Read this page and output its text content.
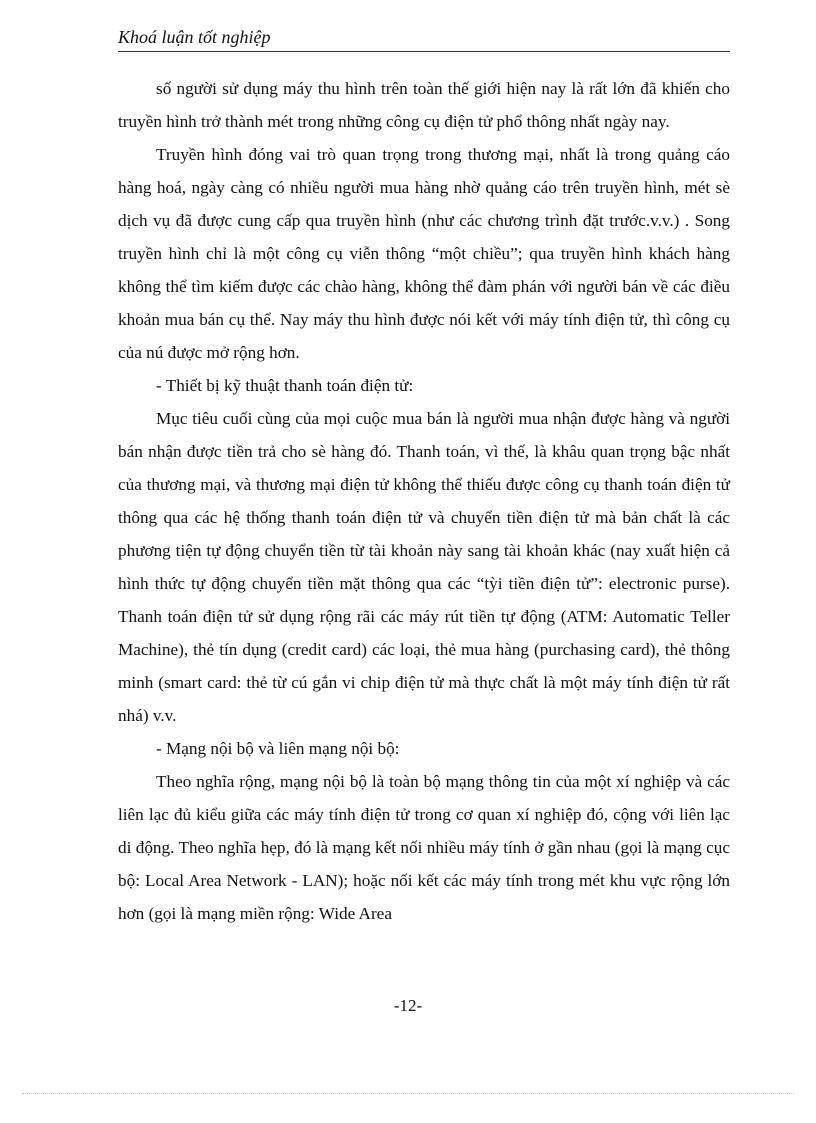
Khoá luận tốt nghiệp

số người sử dụng máy thu hình trên toàn thế giới hiện nay là rất lớn đã khiến cho truyền hình trở thành mét trong những công cụ điện tử phổ thông nhất ngày nay.

Truyền hình đóng vai trò quan trọng trong thương mại, nhất là trong quảng cáo hàng hoá, ngày càng có nhiều người mua hàng nhờ quảng cáo trên truyền hình, mét sè dịch vụ đã được cung cấp qua truyền hình (như các chương trình đặt trước.v.v.) . Song truyền hình chỉ là một công cụ viễn thông “một chiều”; qua truyền hình khách hàng không thể tìm kiếm được các chào hàng, không thể đàm phán với người bán về các điều khoản mua bán cụ thể. Nay máy thu hình được nói kết với máy tính điện tử, thì công cụ của nú được mở rộng hơn.

- Thiết bị kỹ thuật thanh toán điện tử:

Mục tiêu cuối cùng của mọi cuộc mua bán là người mua nhận được hàng và người bán nhận được tiền trả cho sè hàng đó. Thanh toán, vì thế, là khâu quan trọng bậc nhất của thương mại, và thương mại điện tử không thể thiếu được công cụ thanh toán điện tử thông qua các hệ thống thanh toán điện tử và chuyển tiền điện tử mà bản chất là các phương tiện tự động chuyển tiền từ tài khoản này sang tài khoản khác (nay xuất hiện cả hình thức tự động chuyển tiền mặt thông qua các “tỳi tiền điện tử”: electronic purse). Thanh toán điện tử sử dụng rộng rãi các máy rút tiền tự động (ATM: Automatic Teller Machine), thẻ tín dụng (credit card) các loại, thẻ mua hàng (purchasing card), thẻ thông minh (smart card: thẻ từ cú gắn vi chip điện tử mà thực chất là một máy tính điện tử rất nhá) v.v.

- Mạng nội bộ và liên mạng nội bộ:

Theo nghĩa rộng, mạng nội bộ là toàn bộ mạng thông tin của một xí nghiệp và các liên lạc đủ kiểu giữa các máy tính điện tử trong cơ quan xí nghiệp đó, cộng với liên lạc di động. Theo nghĩa hẹp, đó là mạng kết nối nhiều máy tính ở gần nhau (gọi là mạng cục bộ: Local Area Network - LAN); hoặc nối kết các máy tính trong mét khu vực rộng lớn hơn (gọi là mạng miền rộng: Wide Area

-12-
